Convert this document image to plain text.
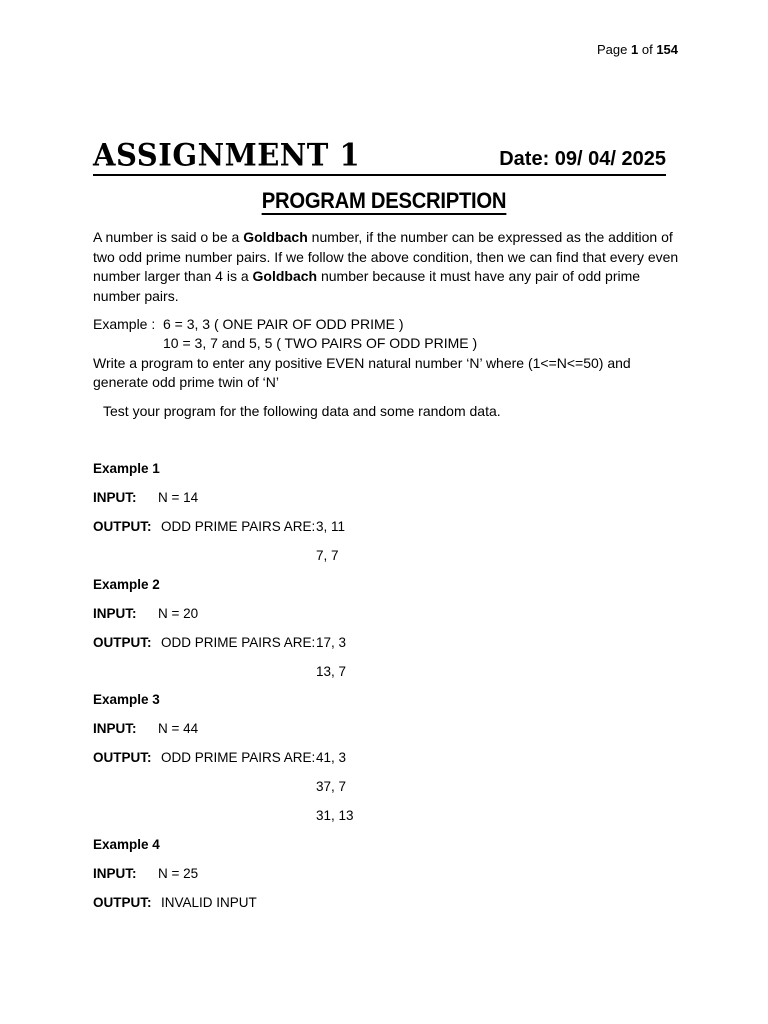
Page 1 of 154
ASSIGNMENT 1	Date: 09/ 04/ 2025
PROGRAM DESCRIPTION
A number is said o be a Goldbach number, if the number can be expressed as the addition of two odd prime number pairs. If we follow the above condition, then we can find that every even number larger than 4 is a Goldbach number because it must have any pair of odd prime number pairs.
Example : 6 = 3, 3 ( ONE PAIR OF ODD PRIME )
10 = 3, 7 and 5, 5 ( TWO PAIRS OF ODD PRIME )
Write a program to enter any positive EVEN natural number ‘N’ where (1<=N<=50) and
generate odd prime twin of ‘N’
Test your program for the following data and some random data.
Example 1
INPUT: N = 14
OUTPUT: ODD PRIME PAIRS ARE: 3, 11
7, 7
Example 2
INPUT: N = 20
OUTPUT: ODD PRIME PAIRS ARE: 17, 3
13, 7
Example 3
INPUT: N = 44
OUTPUT: ODD PRIME PAIRS ARE: 41, 3
37, 7
31, 13
Example 4
INPUT: N = 25
OUTPUT: INVALID INPUT
